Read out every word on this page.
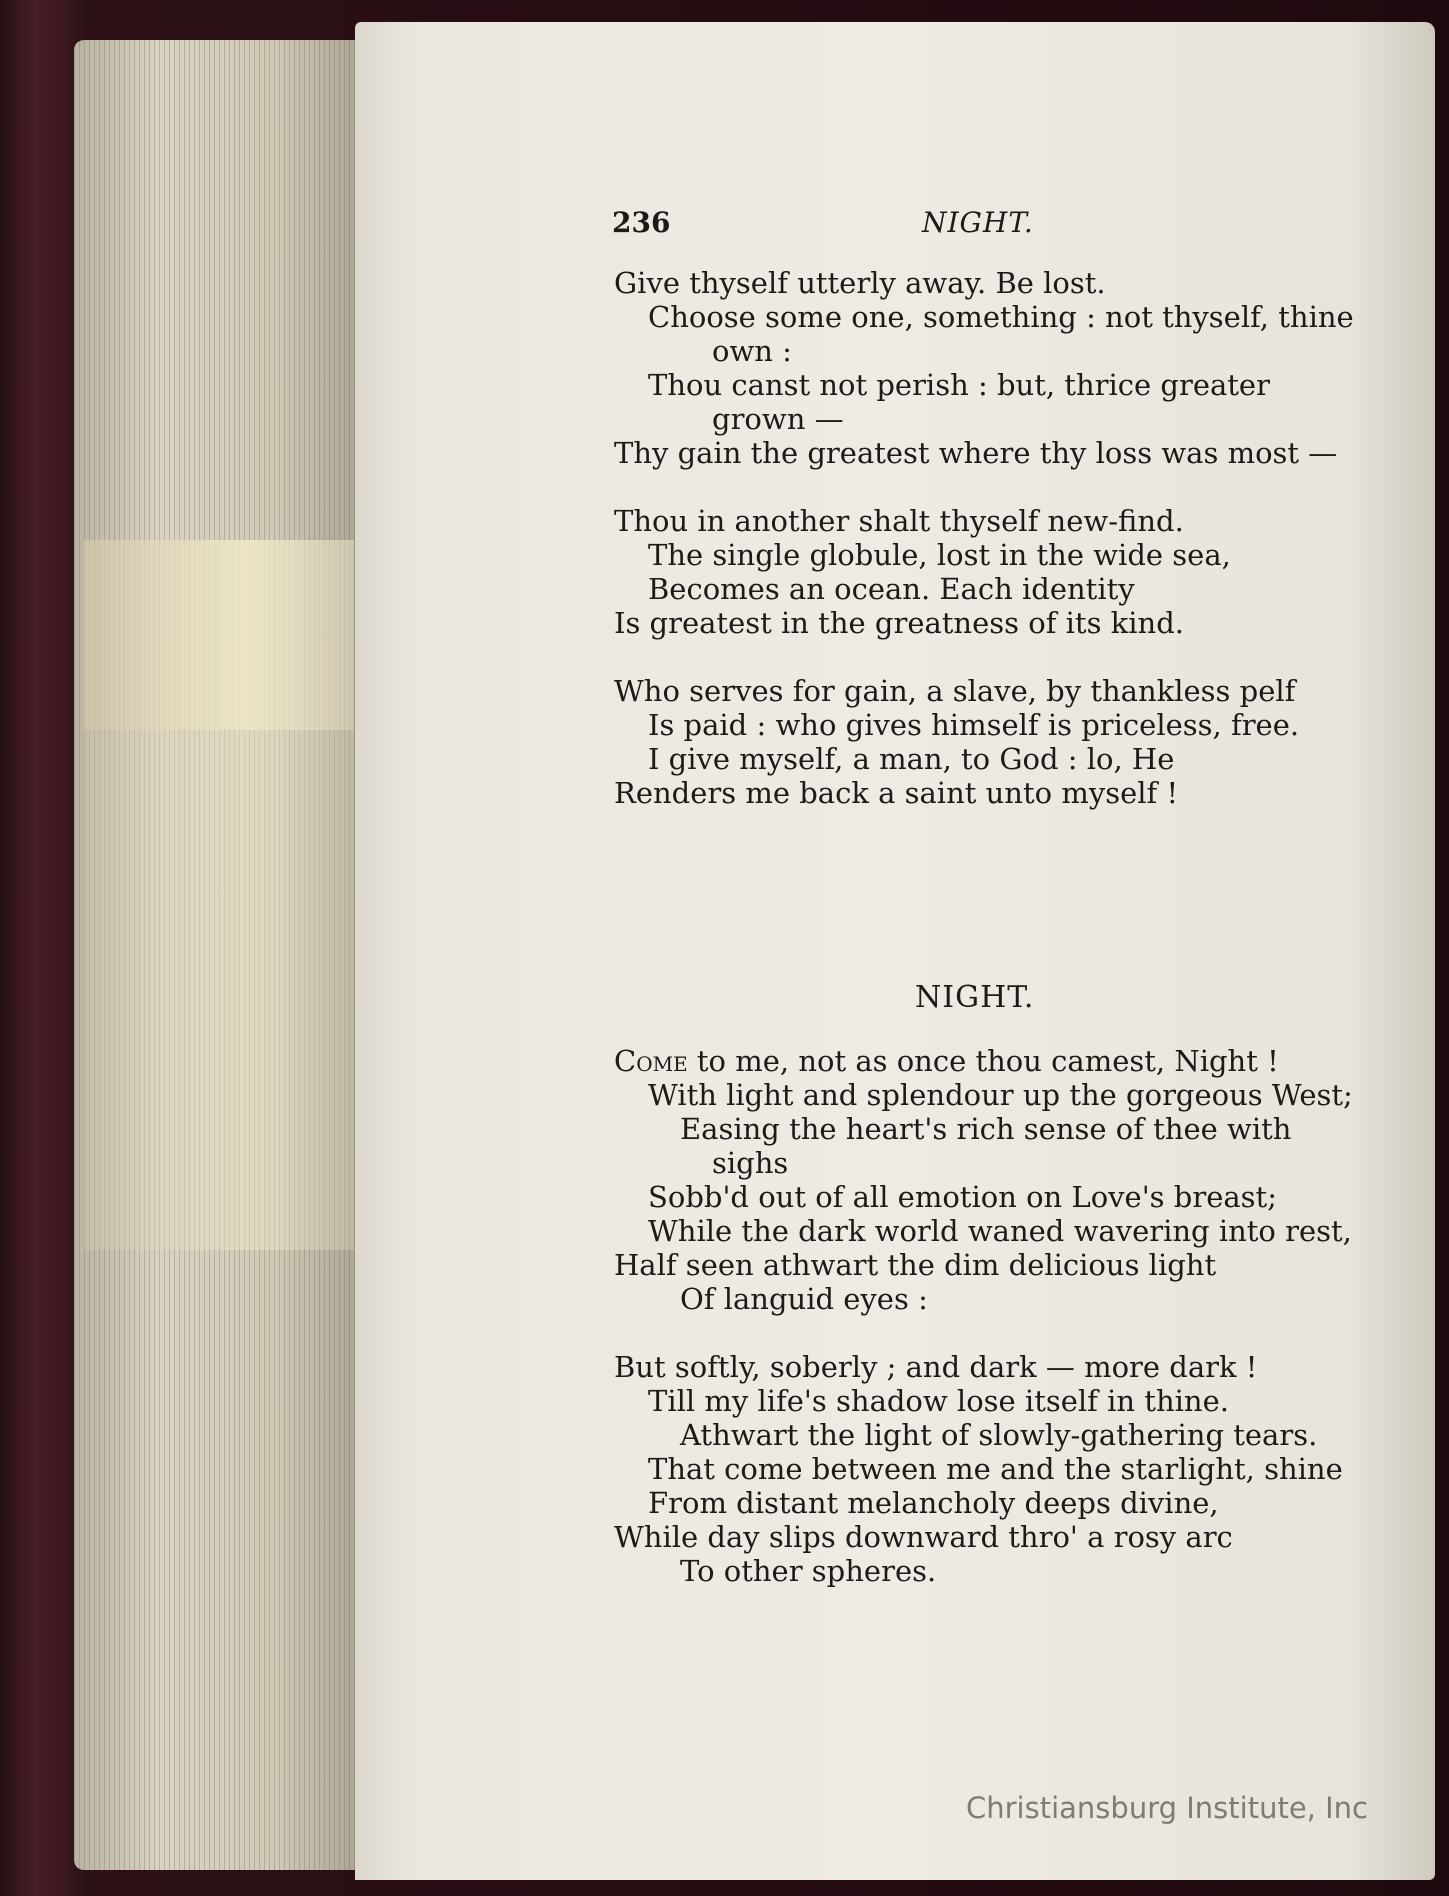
236	NIGHT.
Give thyself utterly away. Be lost.
Choose some one, something : not thyself, thine
own :
Thou canst not perish : but, thrice greater
grown —
Thy gain the greatest where thy loss was most —
Thou in another shalt thyself new-find.
The single globule, lost in the wide sea,
Becomes an ocean. Each identity
Is greatest in the greatness of its kind.
Who serves for gain, a slave, by thankless pelf
Is paid : who gives himself is priceless, free.
I give myself, a man, to God : lo, He
Renders me back a saint unto myself !
NIGHT.
Come to me, not as once thou camest, Night !
With light and splendour up the gorgeous West;
Easing the heart's rich sense of thee with
sighs
Sobb'd out of all emotion on Love's breast;
While the dark world waned wavering into rest,
Half seen athwart the dim delicious light
Of languid eyes :
But softly, soberly ; and dark — more dark !
Till my life's shadow lose itself in thine.
Athwart the light of slowly-gathering tears.
That come between me and the starlight, shine
From distant melancholy deeps divine,
While day slips downward thro' a rosy arc
To other spheres.
Christiansburg Institute, Inc
